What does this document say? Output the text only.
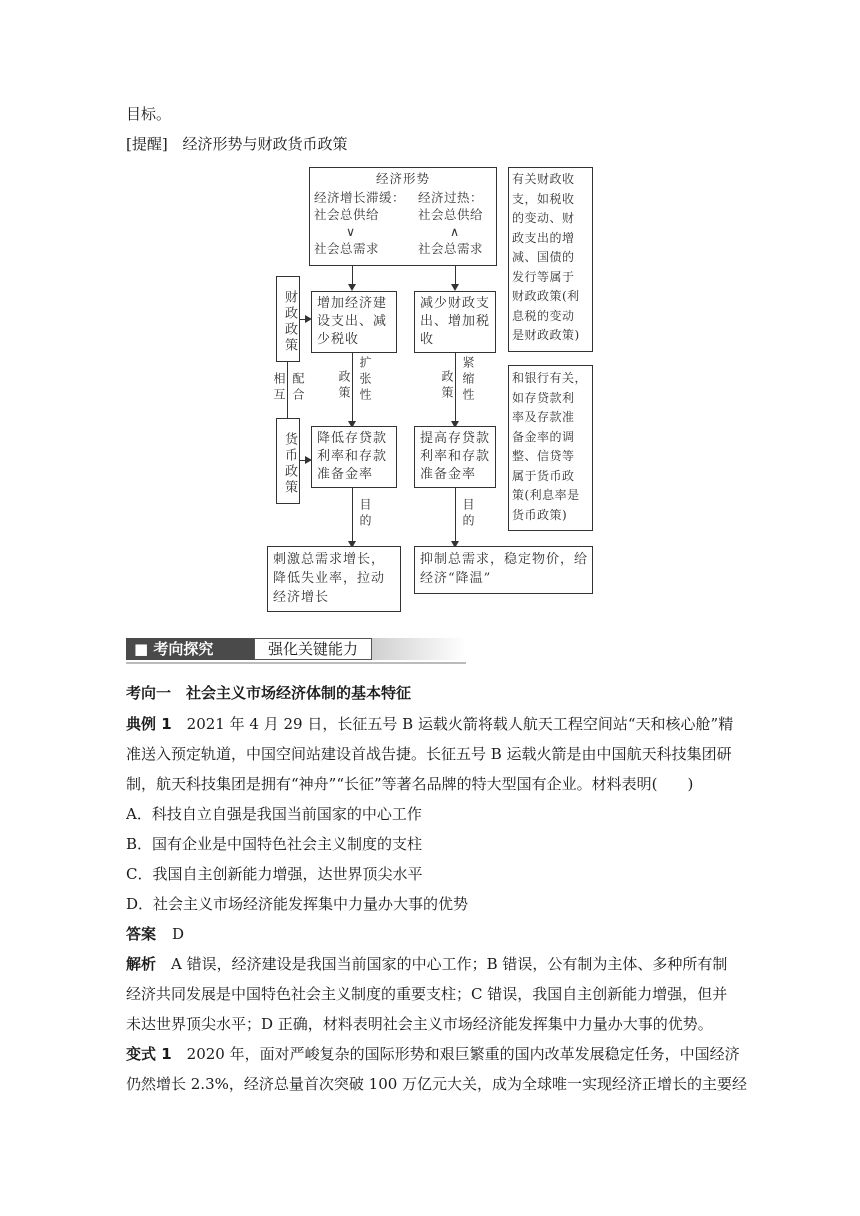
目标。
[提醒] 经济形势与财政货币政策
经济形势
经济增长滞缓：
社会总供给
∨
社会总需求
经济过热：
社会总供给
∧
社会总需求
有关财政收
支，如税收
的变动、财
政支出的增
减、国债的
发行等属于
财政政策(利
息税的变动
是财政政策)
财政政策
货币政策
相互 配合
增加经济建
设支出、减
少税收
减少财政支
出、增加税
收
政策 扩张性	政策 紧缩性
降低存贷款
利率和存款
准备金率
提高存贷款
利率和存款
准备金率
和银行有关，
如存贷款利
率及存款准
备金率的调
整、信贷等
属于货币政
策(利息率是
货币政策)
目的	目的
刺激总需求增长，
降低失业率，拉动
经济增长
抑制总需求，稳定物价，给
经济“降温”
■ 考向探究	强化关键能力
考向一　社会主义市场经济体制的基本特征
典例 1　2021 年 4 月 29 日，长征五号 B 运载火箭将载人航天工程空间站“天和核心舱”精
准送入预定轨道，中国空间站建设首战告捷。长征五号 B 运载火箭是由中国航天科技集团研
制，航天科技集团是拥有“神舟”“长征”等著名品牌的特大型国有企业。材料表明(　　)
A．科技自立自强是我国当前国家的中心工作
B．国有企业是中国特色社会主义制度的支柱
C．我国自主创新能力增强，达世界顶尖水平
D．社会主义市场经济能发挥集中力量办大事的优势
答案 D
解析　A 错误，经济建设是我国当前国家的中心工作；B 错误，公有制为主体、多种所有制
经济共同发展是中国特色社会主义制度的重要支柱；C 错误，我国自主创新能力增强，但并
未达世界顶尖水平；D 正确，材料表明社会主义市场经济能发挥集中力量办大事的优势。
变式 1　2020 年，面对严峻复杂的国际形势和艰巨繁重的国内改革发展稳定任务，中国经济
仍然增长 2.3%，经济总量首次突破 100 万亿元大关，成为全球唯一实现经济正增长的主要经
